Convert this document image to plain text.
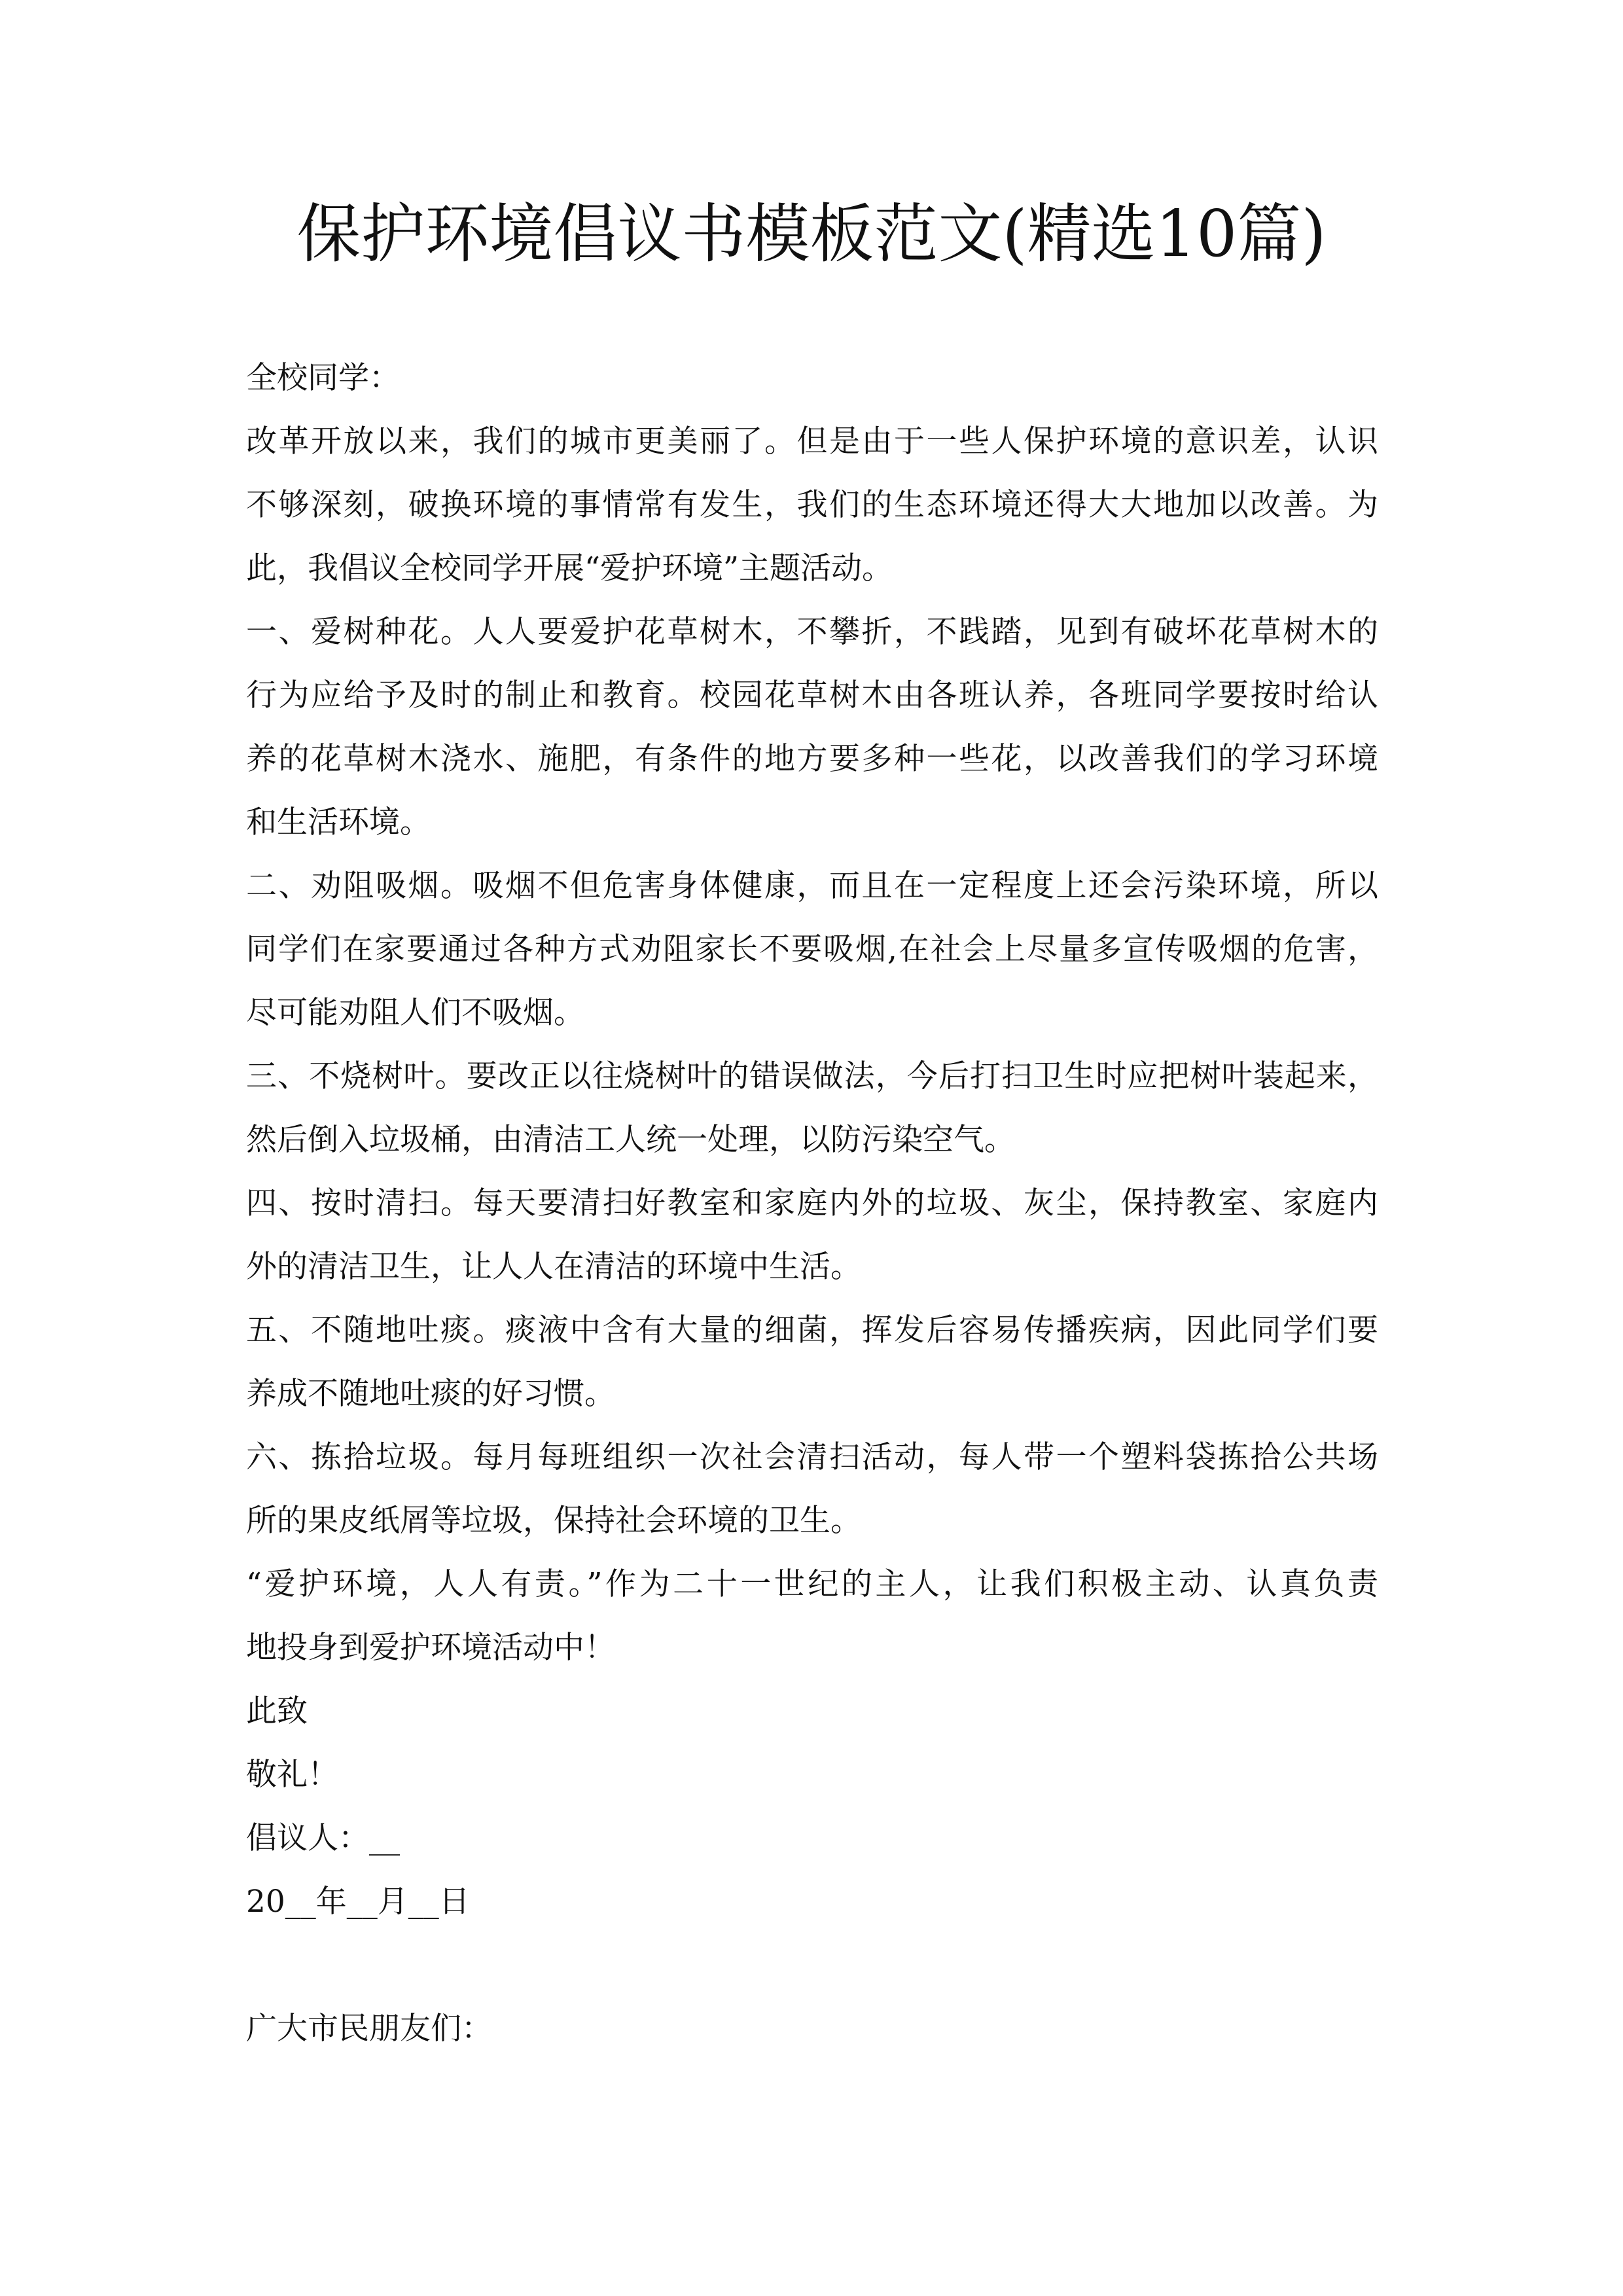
保护环境倡议书模板范文(精选10篇)
全校同学：
改革开放以来，我们的城市更美丽了。但是由于一些人保护环境的意识差，认识
不够深刻，破换环境的事情常有发生，我们的生态环境还得大大地加以改善。为
此，我倡议全校同学开展“爱护环境”主题活动。
一、爱树种花。人人要爱护花草树木，不攀折，不践踏，见到有破坏花草树木的
行为应给予及时的制止和教育。校园花草树木由各班认养，各班同学要按时给认
养的花草树木浇水、施肥，有条件的地方要多种一些花，以改善我们的学习环境
和生活环境。
二、劝阻吸烟。吸烟不但危害身体健康，而且在一定程度上还会污染环境，所以
同学们在家要通过各种方式劝阻家长不要吸烟,在社会上尽量多宣传吸烟的危害，
尽可能劝阻人们不吸烟。
三、不烧树叶。要改正以往烧树叶的错误做法，今后打扫卫生时应把树叶装起来，
然后倒入垃圾桶，由清洁工人统一处理，以防污染空气。
四、按时清扫。每天要清扫好教室和家庭内外的垃圾、灰尘，保持教室、家庭内
外的清洁卫生，让人人在清洁的环境中生活。
五、不随地吐痰。痰液中含有大量的细菌，挥发后容易传播疾病，因此同学们要
养成不随地吐痰的好习惯。
六、拣拾垃圾。每月每班组织一次社会清扫活动，每人带一个塑料袋拣拾公共场
所的果皮纸屑等垃圾，保持社会环境的卫生。
“爱护环境，人人有责。”作为二十一世纪的主人，让我们积极主动、认真负责
地投身到爱护环境活动中！
此致
敬礼！
倡议人：__
20__年__月__日
广大市民朋友们：
